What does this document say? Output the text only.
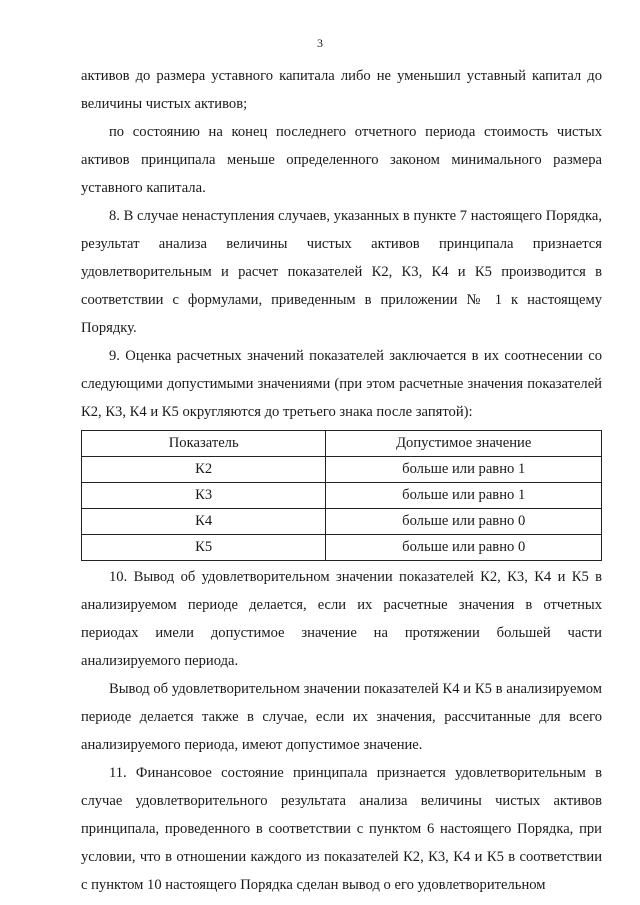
3

активов до размера уставного капитала либо не уменьшил уставный капитал до величины чистых активов;

по состоянию на конец последнего отчетного периода стоимость чистых активов принципала меньше определенного законом минимального размера уставного капитала.

8. В случае ненаступления случаев, указанных в пункте 7 настоящего Порядка, результат анализа величины чистых активов принципала признается удовлетворительным и расчет показателей К2, К3, К4 и К5 производится в соответствии с формулами, приведенным в приложении № 1 к настоящему Порядку.

9. Оценка расчетных значений показателей заключается в их соотнесении со следующими допустимыми значениями (при этом расчетные значения показателей К2, К3, К4 и К5 округляются до третьего знака после запятой):

Показатель	Допустимое значение
К2	больше или равно 1
К3	больше или равно 1
К4	больше или равно 0
К5	больше или равно 0

10. Вывод об удовлетворительном значении показателей К2, К3, К4 и К5 в анализируемом периоде делается, если их расчетные значения в отчетных периодах имели допустимое значение на протяжении большей части анализируемого периода.

Вывод об удовлетворительном значении показателей К4 и К5 в анализируемом периоде делается также в случае, если их значения, рассчитанные для всего анализируемого периода, имеют допустимое значение.

11. Финансовое состояние принципала признается удовлетворительным в случае удовлетворительного результата анализа величины чистых активов принципала, проведенного в соответствии с пунктом 6 настоящего Порядка, при условии, что в отношении каждого из показателей К2, К3, К4 и К5 в соответствии с пунктом 10 настоящего Порядка сделан вывод о его удовлетворительном
